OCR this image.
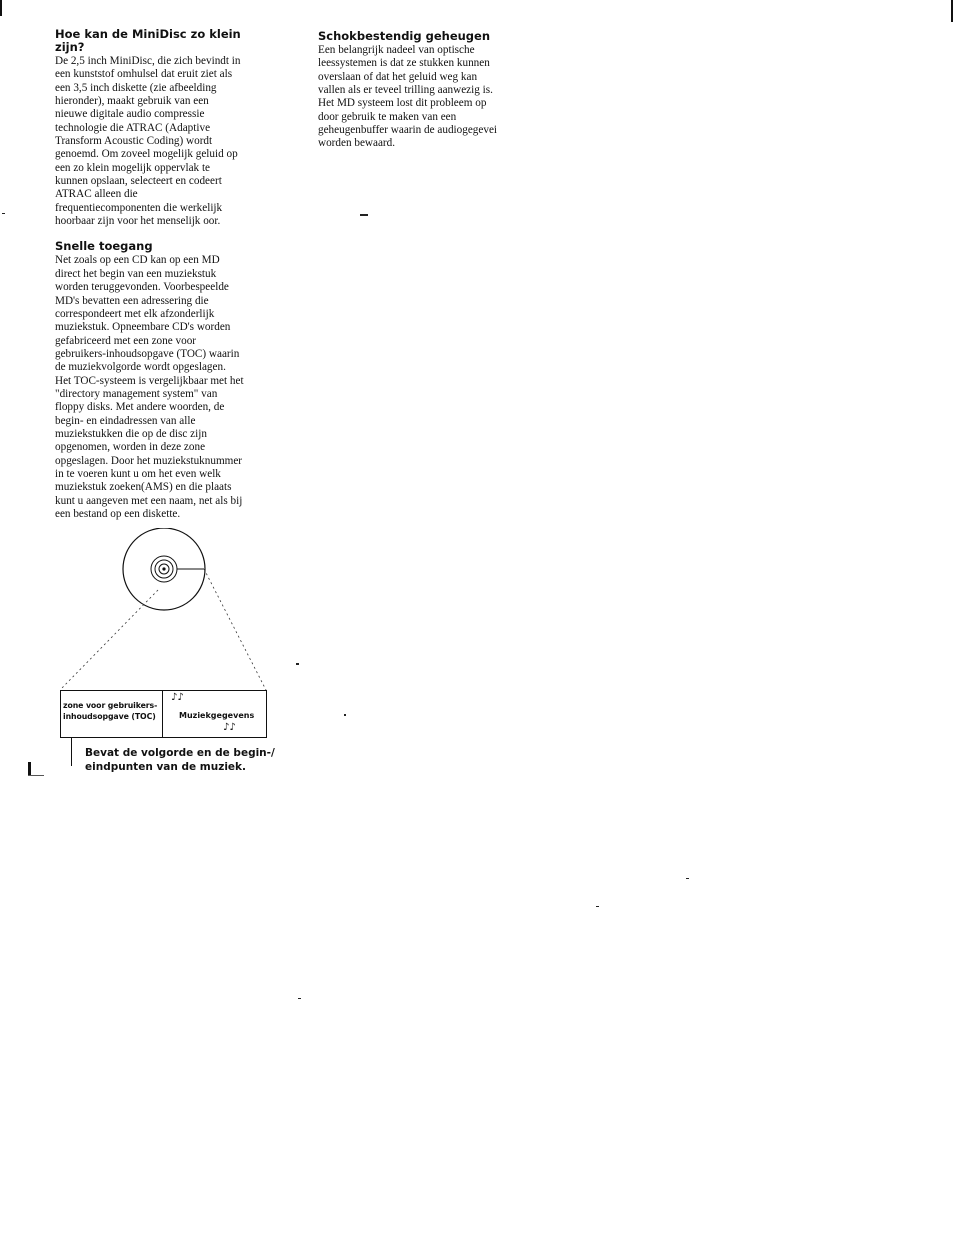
Hoe kan de MiniDisc zo klein
zijn?

De 2,5 inch MiniDisc, die zich bevindt in
een kunststof omhulsel dat eruit ziet als
een 3,5 inch diskette (zie afbeelding
hieronder), maakt gebruik van een
nieuwe digitale audio compressie
technologie die ATRAC (Adaptive
Transform Acoustic Coding) wordt
genoemd. Om zoveel mogelijk geluid op
een zo klein mogelijk oppervlak te
kunnen opslaan, selecteert en codeert
ATRAC alleen die
frequentiecomponenten die werkelijk
hoorbaar zijn voor het menselijk oor.

Snelle toegang

Net zoals op een CD kan op een MD
direct het begin van een muziekstuk
worden teruggevonden. Voorbespeelde
MD's bevatten een adressering die
correspondeert met elk afzonderlijk
muziekstuk. Opneembare CD's worden
gefabriceerd met een zone voor
gebruikers-inhoudsopgave (TOC) waarin
de muziekvolgorde wordt opgeslagen.
Het TOC-systeem is vergelijkbaar met het
"directory management system" van
floppy disks. Met andere woorden, de
begin- en eindadressen van alle
muziekstukken die op de disc zijn
opgenomen, worden in deze zone
opgeslagen. Door het muziekstuknummer
in te voeren kunt u om het even welk
muziekstuk zoeken(AMS) en die plaats
kunt u aangeven met een naam, net als bij
een bestand op een diskette.

Schokbestendig geheugen

Een belangrijk nadeel van optische
leessystemen is dat ze stukken kunnen
overslaan of dat het geluid weg kan
vallen als er teveel trilling aanwezig is.
Het MD systeem lost dit probleem op
door gebruik te maken van een
geheugenbuffer waarin de audiogegevei
worden bewaard.

zone voor gebruikers-
inhoudsopgave (TOC)
♪♪
Muziekgegevens
♪♪
Bevat de volgorde en de begin-/
eindpunten van de muziek.
